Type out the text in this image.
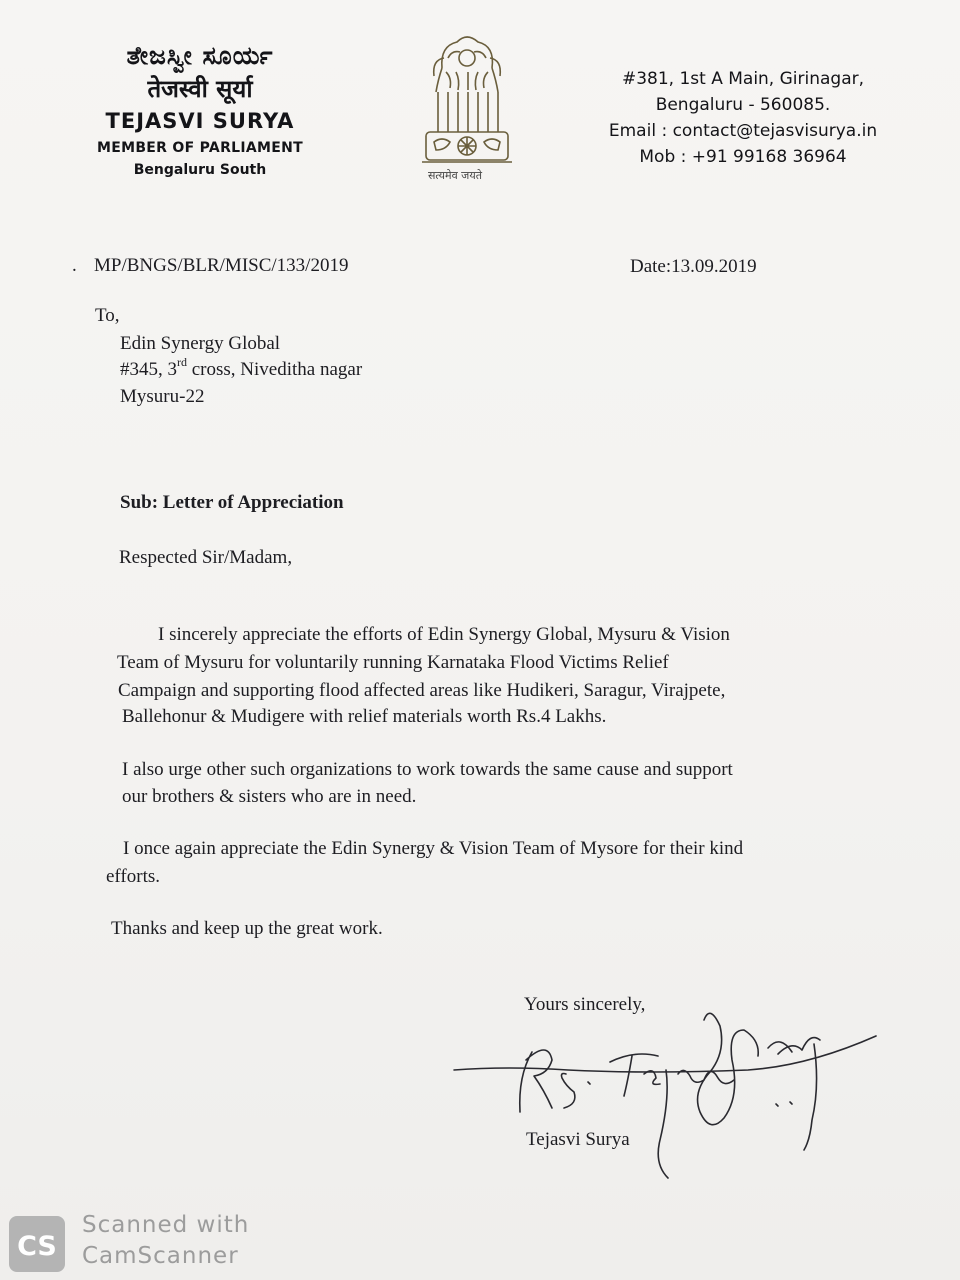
ತೇಜಸ್ವೀ ಸೂರ್ಯ
तेजस्वी सूर्या
TEJASVI SURYA
MEMBER OF PARLIAMENT
Bengaluru South	सत्यमेव जयते
#381, 1st A Main, Girinagar,
Bengaluru - 560085.
Email : contact@tejasvisurya.in
Mob : +91 99168 36964
. MP/BNGS/BLR/MISC/133/2019	Date:13.09.2019
To,
Edin Synergy Global
#345, 3rd cross, Niveditha nagar
Mysuru-22
Sub: Letter of Appreciation
Respected Sir/Madam,
I sincerely appreciate the efforts of Edin Synergy Global, Mysuru & Vision
Team of Mysuru for voluntarily running Karnataka Flood Victims Relief
Campaign and supporting flood affected areas like Hudikeri, Saragur, Virajpete,
Ballehonur & Mudigere with relief materials worth Rs.4 Lakhs.
I also urge other such organizations to work towards the same cause and support
our brothers & sisters who are in need.
I once again appreciate the Edin Synergy & Vision Team of Mysore for their kind
efforts.
Thanks and keep up the great work.
Yours sincerely,
Tejasvi Surya
CS
Scanned with
CamScanner
